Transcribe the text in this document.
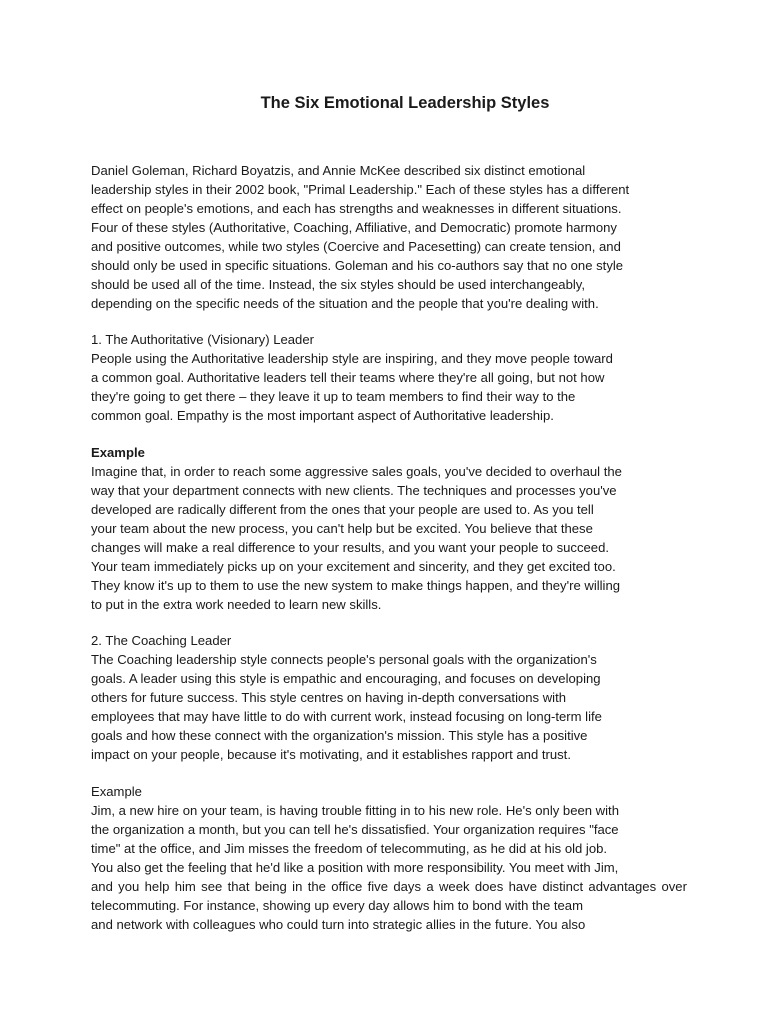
The Six Emotional Leadership Styles
Daniel Goleman, Richard Boyatzis, and Annie McKee described six distinct emotional
leadership styles in their 2002 book, "Primal Leadership." Each of these styles has a different
effect on people's emotions, and each has strengths and weaknesses in different situations.
Four of these styles (Authoritative, Coaching, Affiliative, and Democratic) promote harmony
and positive outcomes, while two styles (Coercive and Pacesetting) can create tension, and
should only be used in specific situations. Goleman and his co-authors say that no one style
should be used all of the time. Instead, the six styles should be used interchangeably,
depending on the specific needs of the situation and the people that you're dealing with.
1. The Authoritative (Visionary) Leader
People using the Authoritative leadership style are inspiring, and they move people toward
a common goal. Authoritative leaders tell their teams where they're all going, but not how
they're going to get there – they leave it up to team members to find their way to the
common goal. Empathy is the most important aspect of Authoritative leadership.
Example
Imagine that, in order to reach some aggressive sales goals, you've decided to overhaul the
way that your department connects with new clients. The techniques and processes you've
developed are radically different from the ones that your people are used to. As you tell
your team about the new process, you can't help but be excited. You believe that these
changes will make a real difference to your results, and you want your people to succeed.
Your team immediately picks up on your excitement and sincerity, and they get excited too.
They know it's up to them to use the new system to make things happen, and they're willing
to put in the extra work needed to learn new skills.
2. The Coaching Leader
The Coaching leadership style connects people's personal goals with the organization's
goals. A leader using this style is empathic and encouraging, and focuses on developing
others for future success. This style centres on having in-depth conversations with
employees that may have little to do with current work, instead focusing on long-term life
goals and how these connect with the organization's mission. This style has a positive
impact on your people, because it's motivating, and it establishes rapport and trust.
Example
Jim, a new hire on your team, is having trouble fitting in to his new role. He's only been with
the organization a month, but you can tell he's dissatisfied. Your organization requires "face
time" at the office, and Jim misses the freedom of telecommuting, as he did at his old job.
You also get the feeling that he'd like a position with more responsibility. You meet with Jim,
and you help him see that being in the office five days a week does have distinct advantages over
telecommuting. For instance, showing up every day allows him to bond with the team
and network with colleagues who could turn into strategic allies in the future. You also
